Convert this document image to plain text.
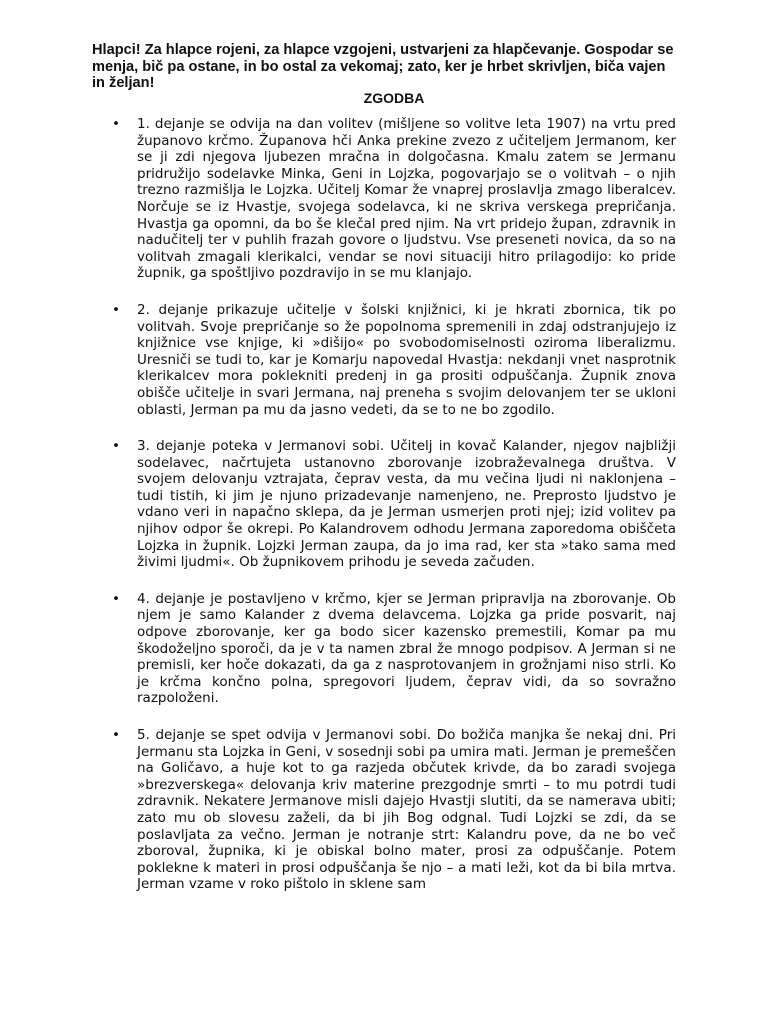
Hlapci! Za hlapce rojeni, za hlapce vzgojeni, ustvarjeni za hlapčevanje. Gospodar se menja, bič pa ostane, in bo ostal za vekomaj; zato, ker je hrbet skrivljen, biča vajen in željan!

ZGODBA
• 1. dejanje se odvija na dan volitev (mišljene so volitve leta 1907) na vrtu pred županovo krčmo. Županova hči Anka prekine zvezo z učiteljem Jermanom, ker se ji zdi njegova ljubezen mračna in dolgočasna. Kmalu zatem se Jermanu pridružijo sodelavke Minka, Geni in Lojzka, pogovarjajo se o volitvah – o njih trezno razmišlja le Lojzka. Učitelj Komar že vnaprej proslavlja zmago liberalcev. Norčuje se iz Hvastje, svojega sodelavca, ki ne skriva verskega prepričanja. Hvastja ga opomni, da bo še klečal pred njim. Na vrt pridejo župan, zdravnik in nadučitelj ter v puhlih frazah govore o ljudstvu. Vse preseneti novica, da so na volitvah zmagali klerikalci, vendar se novi situaciji hitro prilagodijo: ko pride župnik, ga spoštljivo pozdravijo in se mu klanjajo.
• 2. dejanje prikazuje učitelje v šolski knjižnici, ki je hkrati zbornica, tik po volitvah. Svoje prepričanje so že popolnoma spremenili in zdaj odstranjujejo iz knjižnice vse knjige, ki »dišijo« po svobodomiselnosti oziroma liberalizmu. Uresniči se tudi to, kar je Komarju napovedal Hvastja: nekdanji vnet nasprotnik klerikalcev mora poklekniti predenj in ga prositi odpuščanja. Župnik znova obišče učitelje in svari Jermana, naj preneha s svojim delovanjem ter se ukloni oblasti, Jerman pa mu da jasno vedeti, da se to ne bo zgodilo.
• 3. dejanje poteka v Jermanovi sobi. Učitelj in kovač Kalander, njegov najbližji sodelavec, načrtujeta ustanovno zborovanje izobraževalnega društva. V svojem delovanju vztrajata, čeprav vesta, da mu večina ljudi ni naklonjena – tudi tistih, ki jim je njuno prizadevanje namenjeno, ne. Preprosto ljudstvo je vdano veri in napačno sklepa, da je Jerman usmerjen proti njej; izid volitev pa njihov odpor še okrepi. Po Kalandrovem odhodu Jermana zaporedoma obiščeta Lojzka in župnik. Lojzki Jerman zaupa, da jo ima rad, ker sta »tako sama med živimi ljudmi«. Ob župnikovem prihodu je seveda začuden.
• 4. dejanje je postavljeno v krčmo, kjer se Jerman pripravlja na zborovanje. Ob njem je samo Kalander z dvema delavcema. Lojzka ga pride posvarit, naj odpove zborovanje, ker ga bodo sicer kazensko premestili, Komar pa mu škodoželjno sporoči, da je v ta namen zbral že mnogo podpisov. A Jerman si ne premisli, ker hoče dokazati, da ga z nasprotovanjem in grožnjami niso strli. Ko je krčma končno polna, spregovori ljudem, čeprav vidi, da so sovražno razpoloženi.
• 5. dejanje se spet odvija v Jermanovi sobi. Do božiča manjka še nekaj dni. Pri Jermanu sta Lojzka in Geni, v sosednji sobi pa umira mati. Jerman je premeščen na Goličavo, a huje kot to ga razjeda občutek krivde, da bo zaradi svojega »brezverskega« delovanja kriv materine prezgodnje smrti – to mu potrdi tudi zdravnik. Nekatere Jermanove misli dajejo Hvastji slutiti, da se namerava ubiti; zato mu ob slovesu zaželi, da bi jih Bog odgnal. Tudi Lojzki se zdi, da se poslavljata za večno. Jerman je notranje strt: Kalandru pove, da ne bo več zboroval, župnika, ki je obiskal bolno mater, prosi za odpuščanje. Potem poklekne k materi in prosi odpuščanja še njo – a mati leži, kot da bi bila mrtva. Jerman vzame v roko pištolo in sklene sam
